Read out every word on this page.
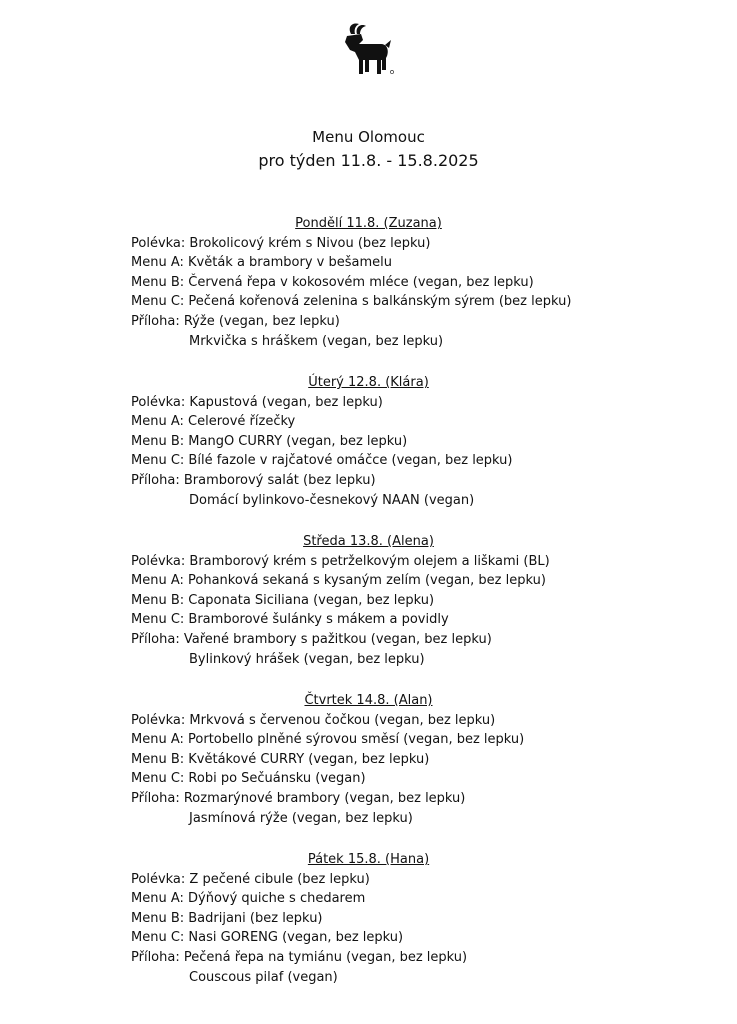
Menu Olomouc
pro týden 11.8. - 15.8.2025
Pondělí 11.8. (Zuzana)
Polévka: Brokolicový krém s Nivou (bez lepku)
Menu A: Květák a brambory v bešamelu
Menu B: Červená řepa v kokosovém mléce (vegan, bez lepku)
Menu C: Pečená kořenová zelenina s balkánským sýrem (bez lepku)
Příloha: Rýže (vegan, bez lepku)
Mrkvička s hráškem (vegan, bez lepku)
Úterý 12.8. (Klára)
Polévka: Kapustová (vegan, bez lepku)
Menu A: Celerové řízečky
Menu B: MangO CURRY (vegan, bez lepku)
Menu C: Bílé fazole v rajčatové omáčce (vegan, bez lepku)
Příloha: Bramborový salát (bez lepku)
Domácí bylinkovo-česnekový NAAN (vegan)
Středa 13.8. (Alena)
Polévka: Bramborový krém s petrželkovým olejem a liškami (BL)
Menu A: Pohanková sekaná s kysaným zelím (vegan, bez lepku)
Menu B: Caponata Siciliana (vegan, bez lepku)
Menu C: Bramborové šulánky s mákem a povidly
Příloha: Vařené brambory s pažitkou (vegan, bez lepku)
Bylinkový hrášek (vegan, bez lepku)
Čtvrtek 14.8. (Alan)
Polévka: Mrkvová s červenou čočkou (vegan, bez lepku)
Menu A: Portobello plněné sýrovou směsí (vegan, bez lepku)
Menu B: Květákové CURRY (vegan, bez lepku)
Menu C: Robi po Sečuánsku (vegan)
Příloha: Rozmarýnové brambory (vegan, bez lepku)
Jasmínová rýže (vegan, bez lepku)
Pátek 15.8. (Hana)
Polévka: Z pečené cibule (bez lepku)
Menu A: Dýňový quiche s chedarem
Menu B: Badrijani (bez lepku)
Menu C: Nasi GORENG (vegan, bez lepku)
Příloha: Pečená řepa na tymiánu (vegan, bez lepku)
Couscous pilaf (vegan)
